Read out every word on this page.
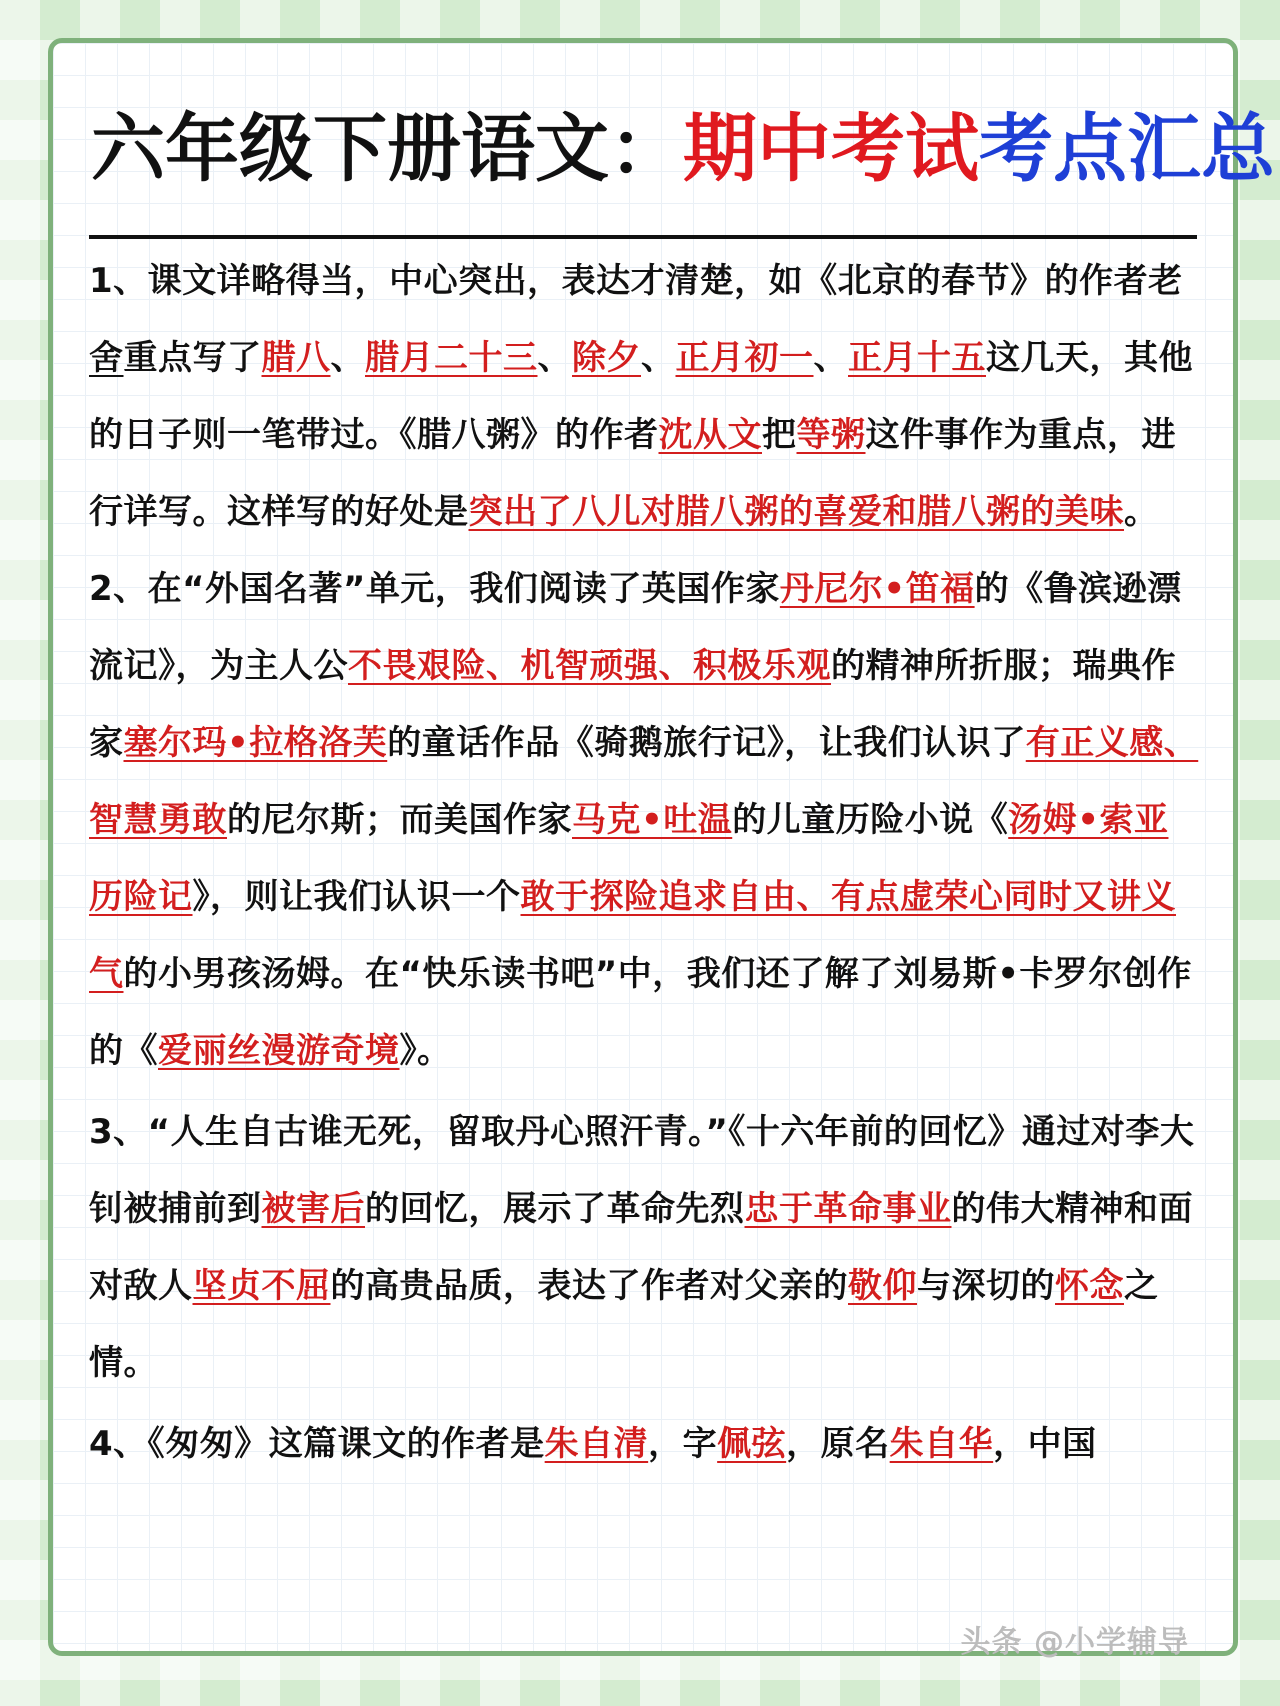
六年级下册语文：期中考试考点汇总

1、课文详略得当，中心突出，表达才清楚，如《北京的春节》的作者老舍重点写了腊八、腊月二十三、除夕、正月初一、正月十五这几天，其他的日子则一笔带过。《腊八粥》的作者沈从文把等粥这件事作为重点，进行详写。这样写的好处是突出了八儿对腊八粥的喜爱和腊八粥的美味。

2、在“外国名著”单元，我们阅读了英国作家丹尼尔•笛福的《鲁滨逊漂流记》，为主人公不畏艰险、机智顽强、积极乐观的精神所折服；瑞典作家塞尔玛•拉格洛芙的童话作品《骑鹅旅行记》，让我们认识了有正义感、智慧勇敢的尼尔斯；而美国作家马克•吐温的儿童历险小说《汤姆•索亚历险记》，则让我们认识一个敢于探险追求自由、有点虚荣心同时又讲义气的小男孩汤姆。在“快乐读书吧”中，我们还了解了刘易斯•卡罗尔创作的《爱丽丝漫游奇境》。

3、“人生自古谁无死，留取丹心照汗青。”《十六年前的回忆》通过对李大钊被捕前到被害后的回忆，展示了革命先烈忠于革命事业的伟大精神和面对敌人坚贞不屈的高贵品质，表达了作者对父亲的敬仰与深切的怀念之情。

4、《匆匆》这篇课文的作者是朱自清，字佩弦，原名朱自华，中国

头条 @小学辅导
